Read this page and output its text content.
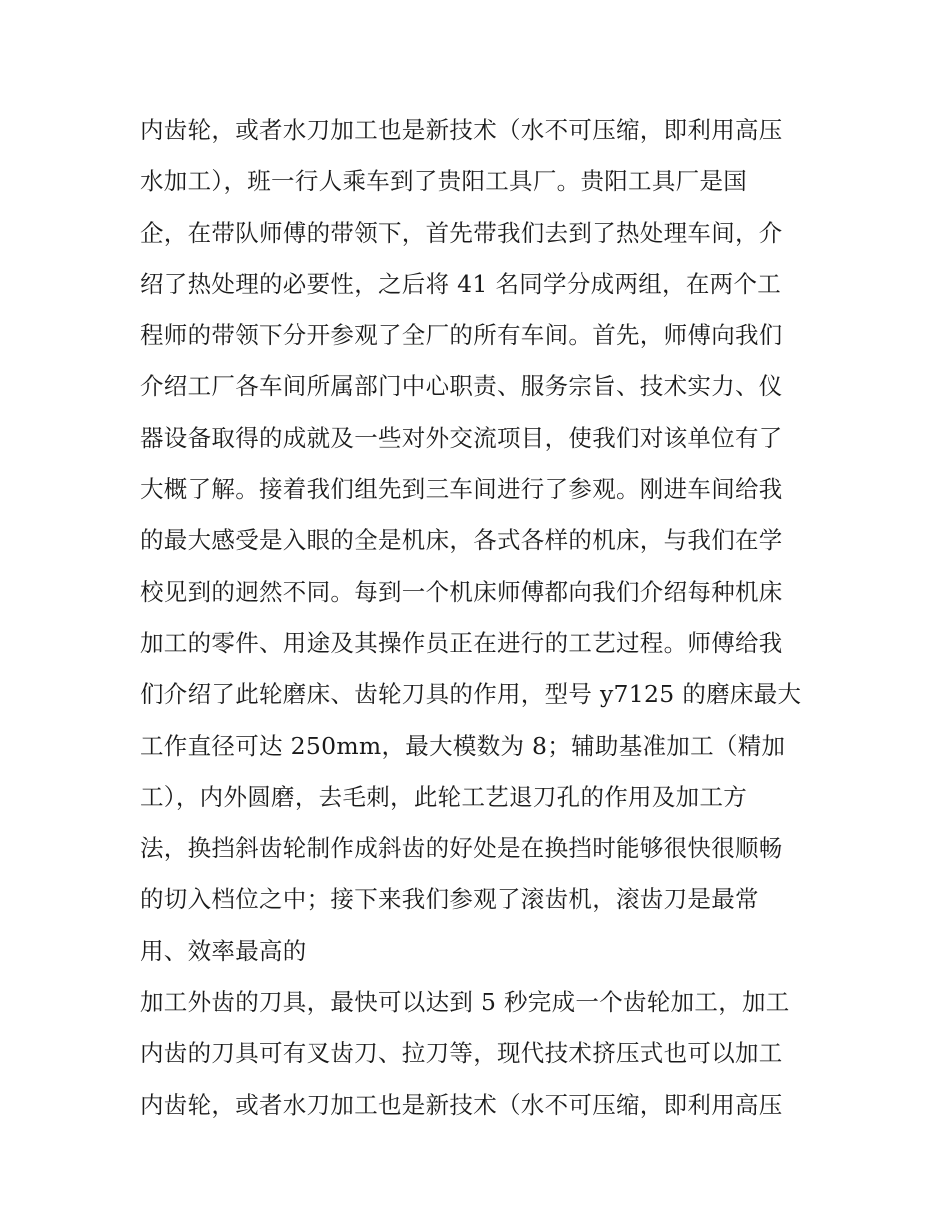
内齿轮，或者水刀加工也是新技术（水不可压缩，即利用高压
水加工），班一行人乘车到了贵阳工具厂。贵阳工具厂是国
企，在带队师傅的带领下，首先带我们去到了热处理车间，介
绍了热处理的必要性，之后将 41 名同学分成两组，在两个工
程师的带领下分开参观了全厂的所有车间。首先，师傅向我们
介绍工厂各车间所属部门中心职责、服务宗旨、技术实力、仪
器设备取得的成就及一些对外交流项目，使我们对该单位有了
大概了解。接着我们组先到三车间进行了参观。刚进车间给我
的最大感受是入眼的全是机床，各式各样的机床，与我们在学
校见到的迥然不同。每到一个机床师傅都向我们介绍每种机床
加工的零件、用途及其操作员正在进行的工艺过程。师傅给我
们介绍了此轮磨床、齿轮刀具的作用，型号 y7125 的磨床最大
工作直径可达 250mm，最大模数为 8；辅助基准加工（精加
工），内外圆磨，去毛刺，此轮工艺退刀孔的作用及加工方
法，换挡斜齿轮制作成斜齿的好处是在换挡时能够很快很顺畅
的切入档位之中；接下来我们参观了滚齿机，滚齿刀是最常
用、效率最高的
加工外齿的刀具，最快可以达到 5 秒完成一个齿轮加工，加工
内齿的刀具可有叉齿刀、拉刀等，现代技术挤压式也可以加工
内齿轮，或者水刀加工也是新技术（水不可压缩，即利用高压
